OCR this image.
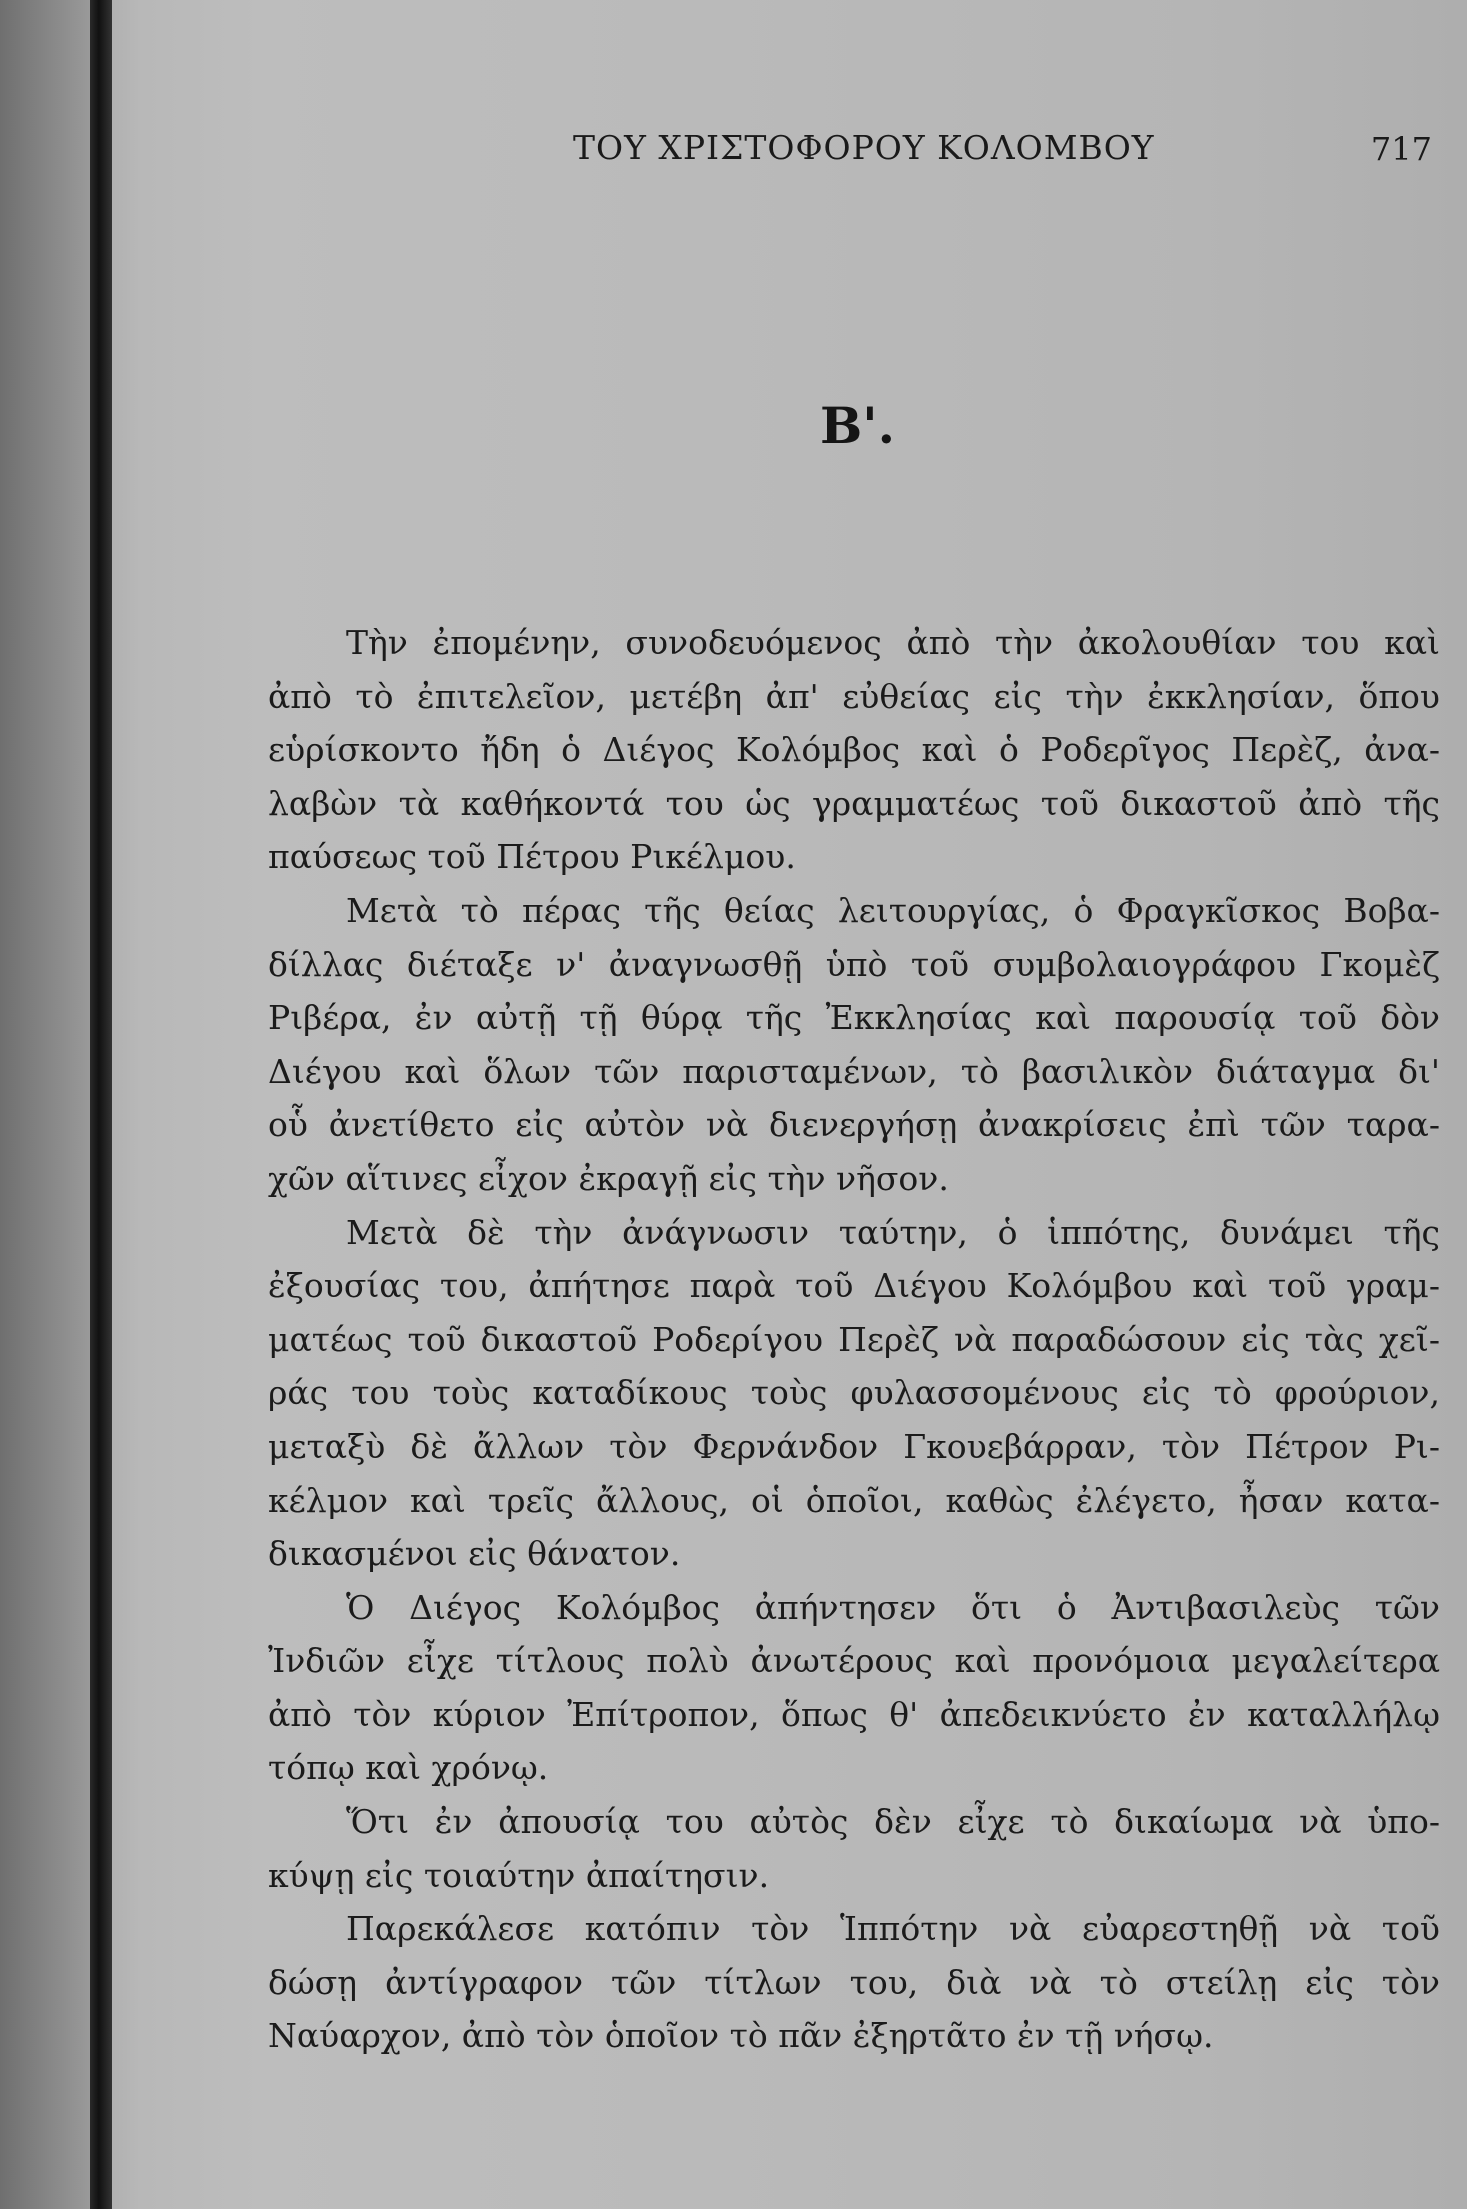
ΤΟΥ ΧΡΙΣΤΟΦΟΡΟΥ ΚΟΛΟΜΒΟΥ	717
Β'.
Τὴν ἐπομένην, συνοδευόμενος ἀπὸ τὴν ἀκολουθίαν του καὶ
ἀπὸ τὸ ἐπιτελεῖον, μετέβη ἀπ' εὐθείας εἰς τὴν ἐκκλησίαν, ὅπου
εὑρίσκοντο ἤδη ὁ Διέγος Κολόμβος καὶ ὁ Ροδερῖγος Περὲζ, ἀνα-
λαβὼν τὰ καθήκοντά του ὡς γραμματέως τοῦ δικαστοῦ ἀπὸ τῆς
παύσεως τοῦ Πέτρου Ρικέλμου.
Μετὰ τὸ πέρας τῆς θείας λειτουργίας, ὁ Φραγκῖσκος Βοβα-
δίλλας διέταξε ν' ἀναγνωσθῇ ὑπὸ τοῦ συμβολαιογράφου Γκομὲζ
Ριβέρα, ἐν αὐτῇ τῇ θύρᾳ τῆς Ἐκκλησίας καὶ παρουσίᾳ τοῦ δὸν
Διέγου καὶ ὅλων τῶν παρισταμένων, τὸ βασιλικὸν διάταγμα δι'
οὗ ἀνετίθετο εἰς αὐτὸν νὰ διενεργήσῃ ἀνακρίσεις ἐπὶ τῶν ταρα-
χῶν αἵτινες εἶχον ἐκραγῇ εἰς τὴν νῆσον.
Μετὰ δὲ τὴν ἀνάγνωσιν ταύτην, ὁ ἱππότης, δυνάμει τῆς
ἐξουσίας του, ἀπήτησε παρὰ τοῦ Διέγου Κολόμβου καὶ τοῦ γραμ-
ματέως τοῦ δικαστοῦ Ροδερίγου Περὲζ νὰ παραδώσουν εἰς τὰς χεῖ-
ράς του τοὺς καταδίκους τοὺς φυλασσομένους εἰς τὸ φρούριον,
μεταξὺ δὲ ἄλλων τὸν Φερνάνδον Γκουεβάρραν, τὸν Πέτρον Ρι-
κέλμον καὶ τρεῖς ἄλλους, οἱ ὁποῖοι, καθὼς ἐλέγετο, ἦσαν κατα-
δικασμένοι εἰς θάνατον.
Ὁ Διέγος Κολόμβος ἀπήντησεν ὅτι ὁ Ἀντιβασιλεὺς τῶν
Ἰνδιῶν εἶχε τίτλους πολὺ ἀνωτέρους καὶ προνόμοια μεγαλείτερα
ἀπὸ τὸν κύριον Ἐπίτροπον, ὅπως θ' ἀπεδεικνύετο ἐν καταλλήλῳ
τόπῳ καὶ χρόνῳ.
Ὅτι ἐν ἀπουσίᾳ του αὐτὸς δὲν εἶχε τὸ δικαίωμα νὰ ὑπο-
κύψῃ εἰς τοιαύτην ἀπαίτησιν.
Παρεκάλεσε κατόπιν τὸν Ἱππότην νὰ εὐαρεστηθῇ νὰ τοῦ
δώσῃ ἀντίγραφον τῶν τίτλων του, διὰ νὰ τὸ στείλῃ εἰς τὸν
Ναύαρχον, ἀπὸ τὸν ὁποῖον τὸ πᾶν ἐξηρτᾶτο ἐν τῇ νήσῳ.
